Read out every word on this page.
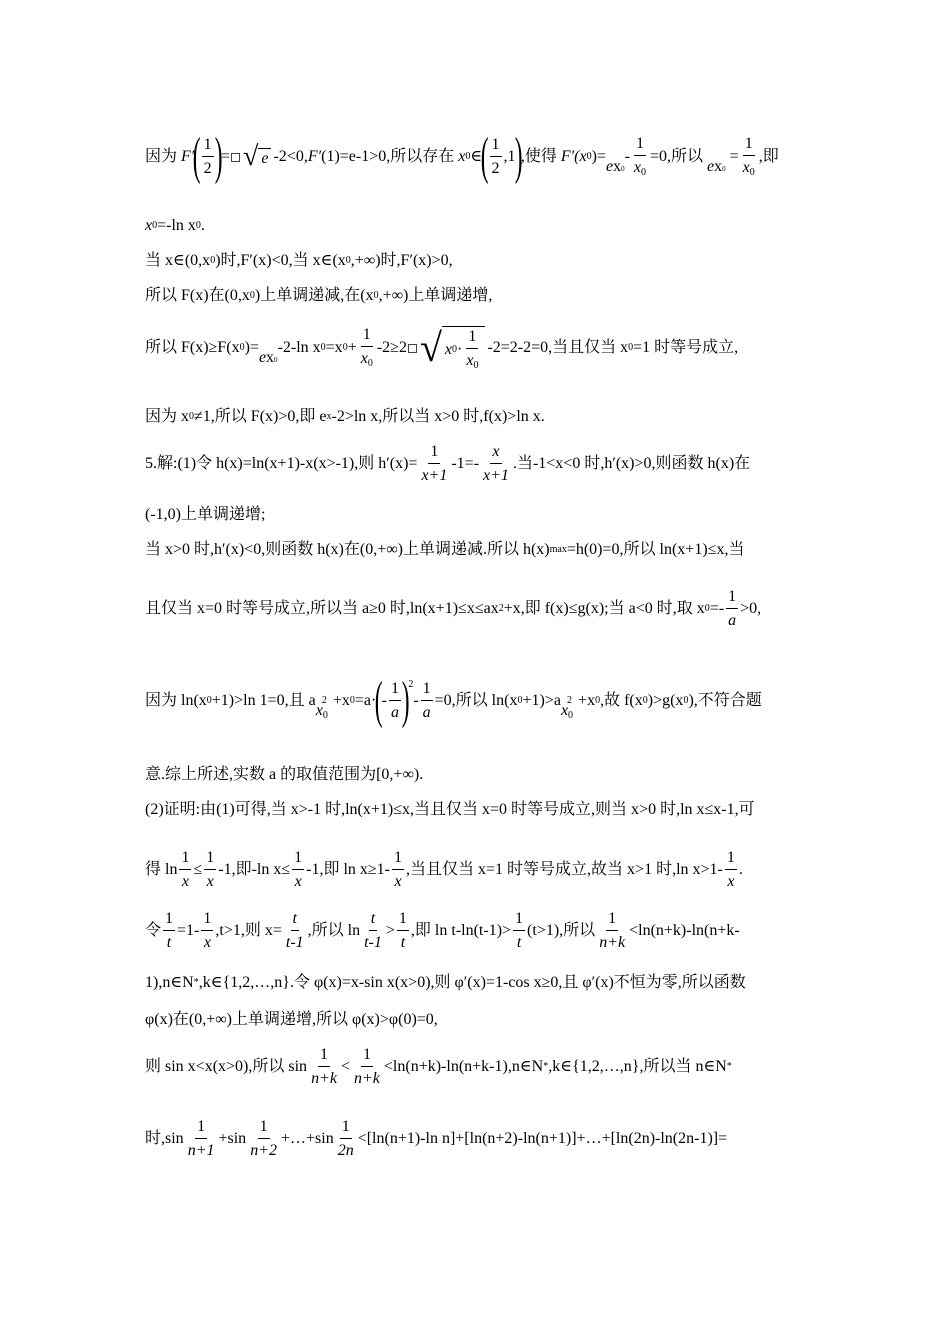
因为 F′
( $\frac{1}{2}$ )
= √ e -2<0, F′ (1)=e-1>0,所以存在 x 0 ∈
( $\frac{1}{2} ,1$
)
,使得 F′ (x 0 )=
ex0
- $\frac{1}{x_0} =0$,所以
ex0
= $\frac{1}{x_0}$ ,即
x 0 =-ln x 0 .
当 x∈(0,x 0 )时,F′(x)<0,当 x∈(x 0 ,+∞)时,F′(x)>0,
所以 F(x)在(0,x 0 )上单调递减,在(x 0 ,+∞)上单调递增,
所以 F(x)≥F(x 0 )=
ex0
-2-ln x 0 =x $0 + \frac{1}{x_0} -2\ge 2$ √ x $0 \cdot \frac{1}{x_0} -2=2-2=0$,当且仅当 x 0 =1 时等号成立,
因为 x 0 ≠1,所以 F(x)>0,即 e x -2>ln x,所以当 x>0 时,f(x)>ln x.
5.解:(1)令 h(x)=ln(x+1)-x(x>-1),则 $h'(x)= \frac{1}{x+1} -1=- \frac{x}{x+1}$ .当-1<x<0 时,h′(x)>0,则函数 h(x)在
(-1,0)上单调递增;
当 x>0 时,h′(x)<0,则函数 h(x)在(0,+∞)上单调递减.所以 h(x) max =h(0)=0,所以 ln(x+1)≤x,当
且仅当 x=0 时等号成立,所以当 a≥0 时,ln(x+1)≤x≤ax 2 +x,即 f(x)≤g(x);当 a<0 时,取 x $0 =- \frac{1}{a} >0$,
因为 ln(x 0 +1)>ln 1=0,且 a
$x_0^2 +x$ 0 =a·
(
- $\frac{1}{a}$ )
$^2$
- $\frac{1}{a} =0$,所以 ln(x 0 +1)>a
$x_0^2 +x$ 0 ,故 f(x 0 )>g(x 0 ),不符合题
意.综上所述,实数 a 的取值范围为[0,+∞).
(2)证明:由(1)可得,当 x>-1 时,ln(x+1)≤x,当且仅当 x=0 时等号成立,则当 x>0 时,ln x≤x-1,可
得 $\ln \frac{1}{x} \le \frac{1}{x} -1$,即-ln $x\le \frac{1}{x} -1$,即 $\ln x\ge 1- \frac{1}{x}$ ,当且仅当 x=1 时等号成立,故当 x>1 时,ln $x>1- \frac{1}{x}$ .
令 $\frac{1}{t} =1- \frac{1}{x} ,t>1$,则 $x= \frac{t}{t-1}$ ,所以 $\ln \frac{t}{t-1} > \frac{1}{t}$ ,即 $\ln t-\ln(t-1)> \frac{1}{t} (t>1)$,所以 $\frac{1}{n+k} <\ln(n+k)-\ln(n+k-$
1),n∈N * ,k∈{1,2,…,n}.令 φ(x)=x-sin x(x>0),则 φ′(x)=1-cos x≥0,且 φ′(x)不恒为零,所以函数
φ(x)在(0,+∞)上单调递增,所以 φ(x)>φ(0)=0,
则 sin x<x(x>0),所以 $\sin \frac{1}{n+k} < \frac{1}{n+k}$ <ln(n+k)-ln(n+k-1),n∈N * ,k∈{1,2,…,n},所以当 n∈N *
时$,\sin \frac{1}{n+1} +\sin \frac{1}{n+2}$ +…+sin $\frac{1}{2n} <[\ln(n+1)-\ln$ n]+[ln(n+2)-ln(n+1)]+…+[ln(2n)-ln(2n-1)]=
